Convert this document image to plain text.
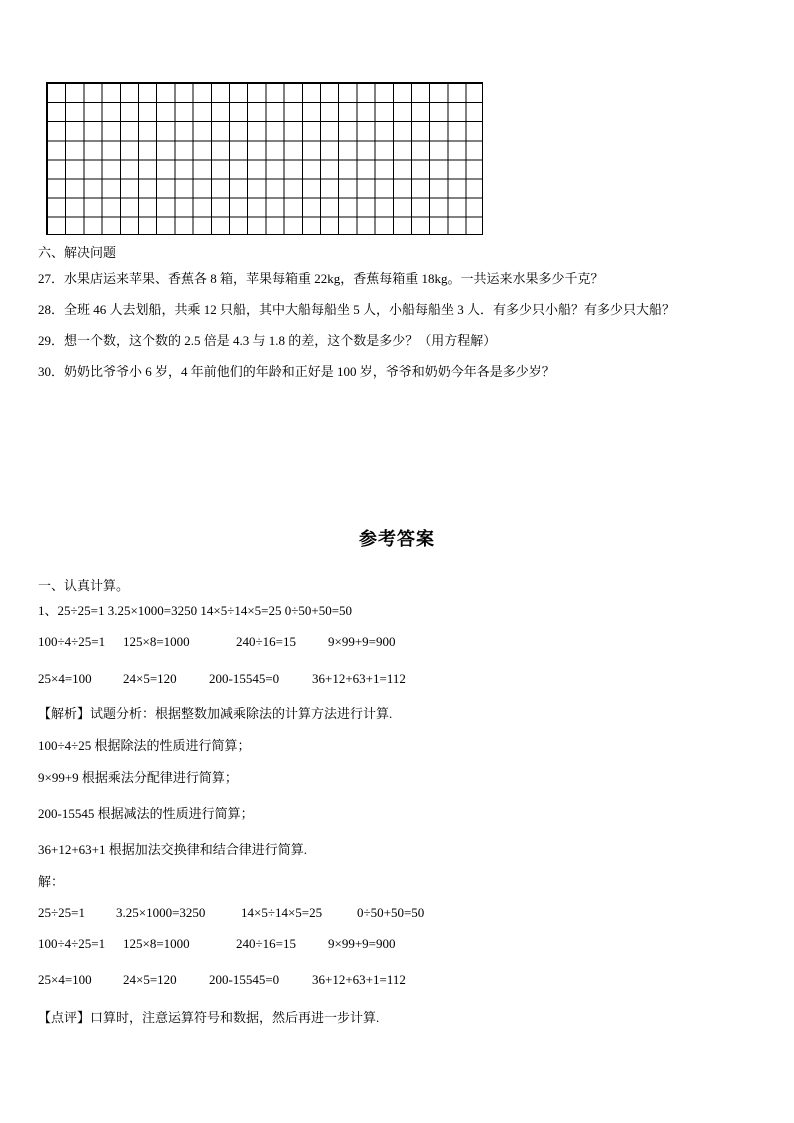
六、解决问题
27．水果店运来苹果、香蕉各 8 箱，苹果每箱重 22kg，香蕉每箱重 18kg。一共运来水果多少千克？
28．全班 46 人去划船，共乘 12 只船，其中大船每船坐 5 人，小船每船坐 3 人．有多少只小船？有多少只大船？
29．想一个数，这个数的 2.5 倍是 4.3 与 1.8 的差，这个数是多少？（用方程解）
30．奶奶比爷爷小 6 岁，4 年前他们的年龄和正好是 100 岁，爷爷和奶奶今年各是多少岁？
参考答案
一、认真计算。
1、25÷25=1 3.25×1000=3250 14×5÷14×5=25 0÷50+50=50
100÷4÷25=1 125×8=1000	240÷16=15 9×99+9=900
25×4=100 24×5=120 200-15545=0	36+12+63+1=112
【解析】试题分析：根据整数加减乘除法的计算方法进行计算.
100÷4÷25 根据除法的性质进行简算；
9×99+9 根据乘法分配律进行简算；
200-15545 根据减法的性质进行简算；
36+12+63+1 根据加法交换律和结合律进行简算.
解：
25÷25=1 3.25×1000=3250	14×5÷14×5=25	0÷50+50=50
100÷4÷25=1 125×8=1000	240÷16=15 9×99+9=900
25×4=100 24×5=120 200-15545=0	36+12+63+1=112
【点评】口算时，注意运算符号和数据，然后再进一步计算.
